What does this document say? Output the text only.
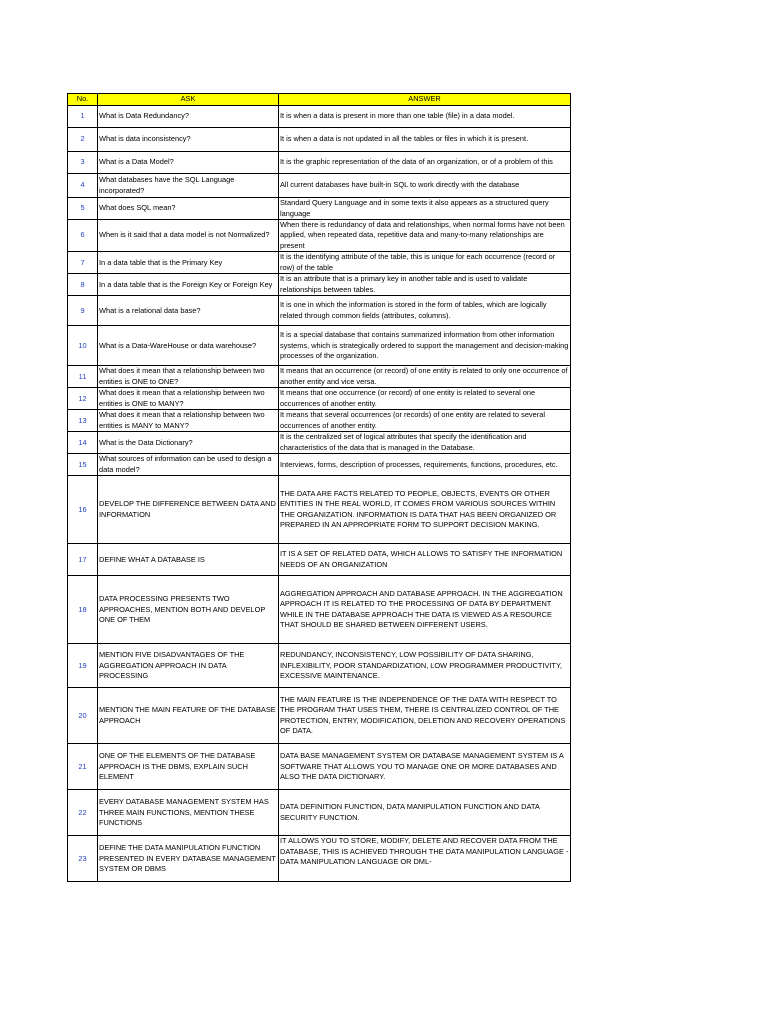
No.	ASK	ANSWER
1	What is Data Redundancy?	It is when a data is present in more than one table (file) in a data model.
2	What is data inconsistency?	It is when a data is not updated in all the tables or files in which it is present.
3	What is a Data Model?	It is the graphic representation of the data of an organization, or of a problem of this
4	What databases have the SQL Language incorporated?	All current databases have built-in SQL to work directly with the database
5	What does SQL mean?	Standard Query Language and in some texts it also appears as a structured query language
6	When is it said that a data model is not Normalized?	When there is redundancy of data and relationships, when normal forms have not been applied, when repeated data, repetitive data and many-to-many relationships are present
7	In a data table that is the Primary Key	It is the identifying attribute of the table, this is unique for each occurrence (record or row) of the table
8	In a data table that is the Foreign Key or Foreign Key	It is an attribute that is a primary key in another table and is used to validate relationships between tables.
9	What is a relational data base?	It is one in which the information is stored in the form of tables, which are logically related through common fields (attributes, columns).
10	What is a Data-WareHouse or data warehouse?	It is a special database that contains summarized information from other information systems, which is strategically ordered to support the management and decision-making processes of the organization.
11	What does it mean that a relationship between two entities is ONE to ONE?	It means that an occurrence (or record) of one entity is related to only one occurrence of another entity and vice versa.
12	What does it mean that a relationship between two entities is ONE to MANY?	It means that one occurrence (or record) of one entity is related to several one occurrences of another entity.
13	What does it mean that a relationship between two entities is MANY to MANY?	It means that several occurrences (or records) of one entity are related to several occurrences of another entity.
14	What is the Data Dictionary?	It is the centralized set of logical attributes that specify the identification and characteristics of the data that is managed in the Database.
15	What sources of information can be used to design a data model?	Interviews, forms, description of processes, requirements, functions, procedures, etc.
16	DEVELOP THE DIFFERENCE BETWEEN DATA AND INFORMATION	THE DATA ARE FACTS RELATED TO PEOPLE, OBJECTS, EVENTS OR OTHER ENTITIES IN THE REAL WORLD, IT COMES FROM VARIOUS SOURCES WITHIN THE ORGANIZATION. INFORMATION IS DATA THAT HAS BEEN ORGANIZED OR PREPARED IN AN APPROPRIATE FORM TO SUPPORT DECISION MAKING.
17	DEFINE WHAT A DATABASE IS	IT IS A SET OF RELATED DATA, WHICH ALLOWS TO SATISFY THE INFORMATION NEEDS OF AN ORGANIZATION
18	DATA PROCESSING PRESENTS TWO APPROACHES, MENTION BOTH AND DEVELOP ONE OF THEM	AGGREGATION APPROACH AND DATABASE APPROACH. IN THE AGGREGATION APPROACH IT IS RELATED TO THE PROCESSING OF DATA BY DEPARTMENT WHILE IN THE DATABASE APPROACH THE DATA IS VIEWED AS A RESOURCE THAT SHOULD BE SHARED BETWEEN DIFFERENT USERS.
19	MENTION FIVE DISADVANTAGES OF THE AGGREGATION APPROACH IN DATA PROCESSING	REDUNDANCY, INCONSISTENCY, LOW POSSIBILITY OF DATA SHARING, INFLEXIBILITY, POOR STANDARDIZATION, LOW PROGRAMMER PRODUCTIVITY, EXCESSIVE MAINTENANCE.
20	MENTION THE MAIN FEATURE OF THE DATABASE APPROACH	THE MAIN FEATURE IS THE INDEPENDENCE OF THE DATA WITH RESPECT TO THE PROGRAM THAT USES THEM, THERE IS CENTRALIZED CONTROL OF THE PROTECTION, ENTRY, MODIFICATION, DELETION AND RECOVERY OPERATIONS OF DATA.
21	ONE OF THE ELEMENTS OF THE DATABASE APPROACH IS THE DBMS, EXPLAIN SUCH ELEMENT	DATA BASE MANAGEMENT SYSTEM OR DATABASE MANAGEMENT SYSTEM IS A SOFTWARE THAT ALLOWS YOU TO MANAGE ONE OR MORE DATABASES AND ALSO THE DATA DICTIONARY.
22	EVERY DATABASE MANAGEMENT SYSTEM HAS THREE MAIN FUNCTIONS, MENTION THESE FUNCTIONS	DATA DEFINITION FUNCTION, DATA MANIPULATION FUNCTION AND DATA SECURITY FUNCTION.
23	DEFINE THE DATA MANIPULATION FUNCTION PRESENTED IN EVERY DATABASE MANAGEMENT SYSTEM OR DBMS	IT ALLOWS YOU TO STORE, MODIFY, DELETE AND RECOVER DATA FROM THE DATABASE, THIS IS ACHIEVED THROUGH THE DATA MANIPULATION LANGUAGE -DATA MANIPULATION LANGUAGE OR DML-
